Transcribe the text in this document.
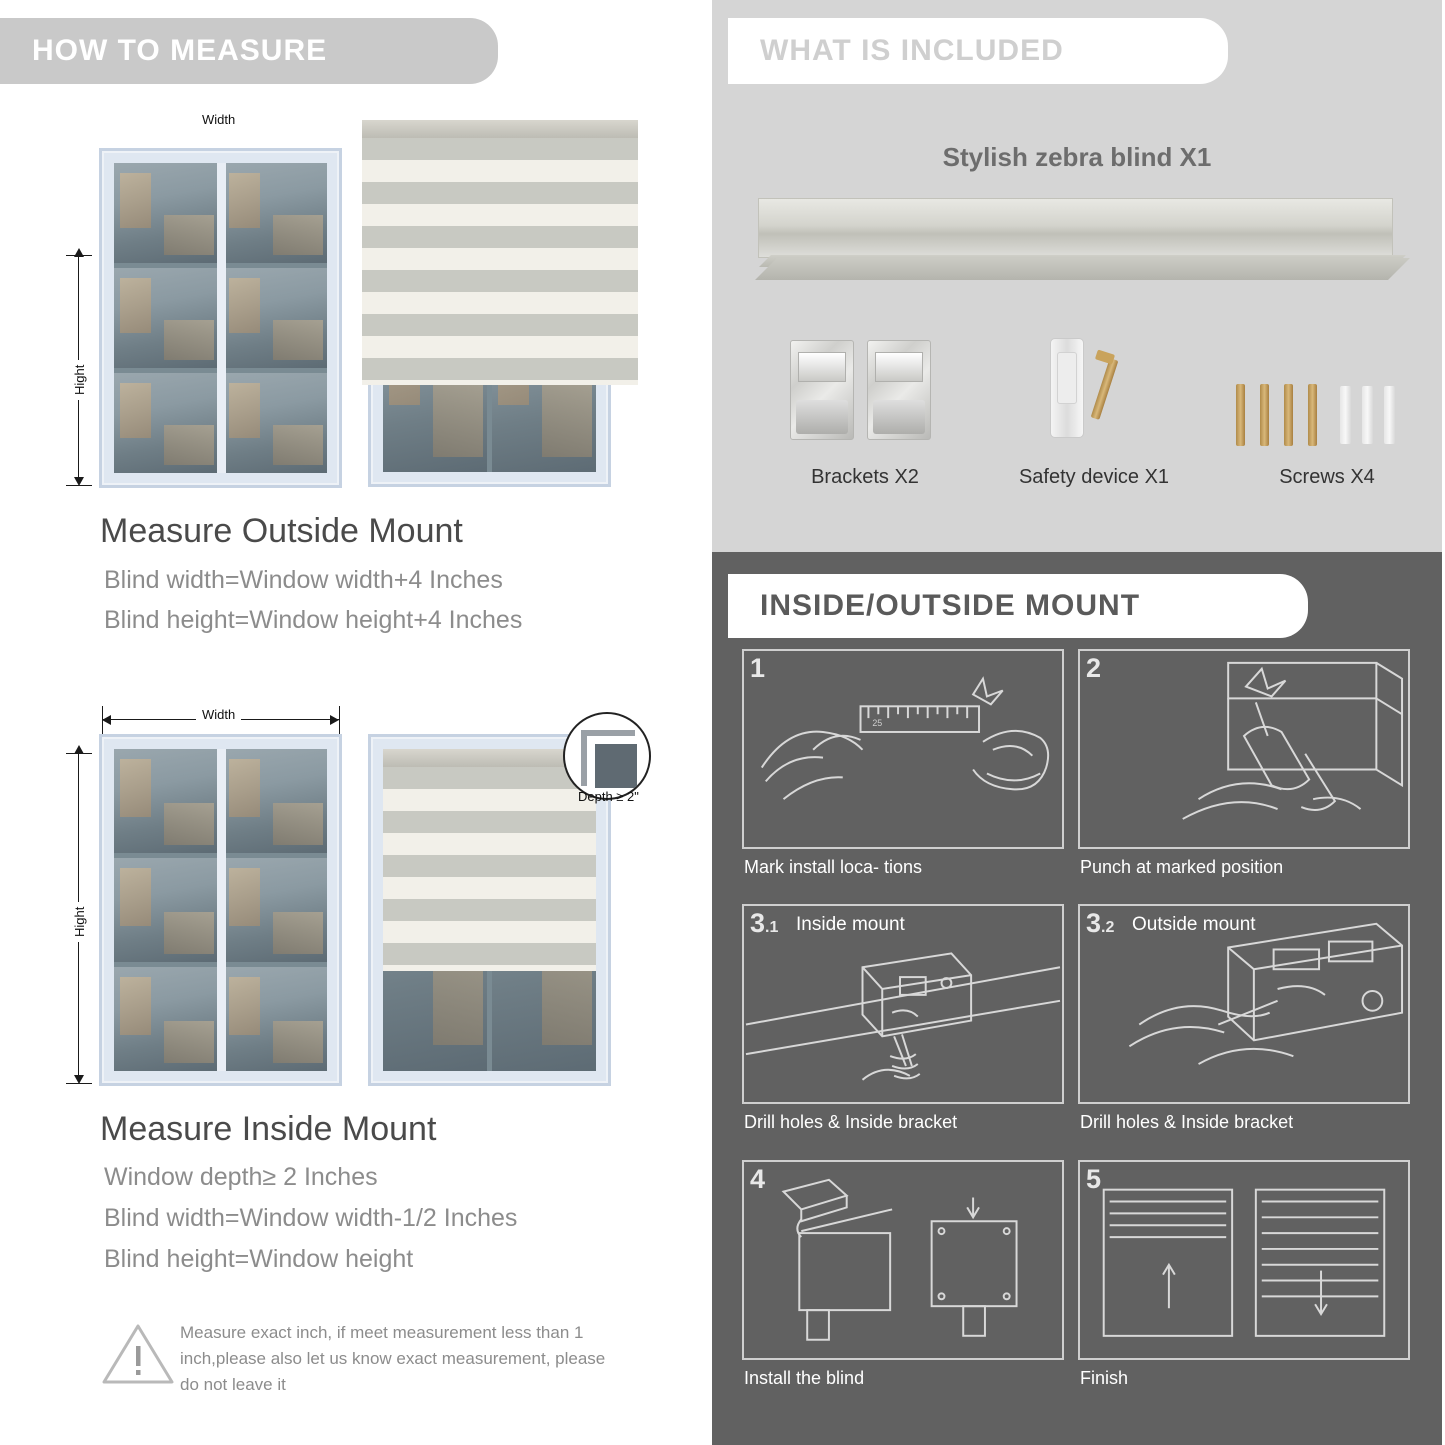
HOW TO MEASURE
Width
Hight
Measure Outside Mount
Blind width=Window width+4 Inches
Blind height=Window height+4 Inches
Width
Hight
Depth ≥ 2"
Measure Inside Mount
Window depth≥ 2 Inches
Blind width=Window width-1/2 Inches
Blind height=Window height
Measure exact inch, if meet measurement less than 1 inch,please also let us know exact measurement, please do not leave it
WHAT IS INCLUDED
Stylish zebra blind X1
Brackets X2	Safety device X1	Screws X4
INSIDE/OUTSIDE MOUNT
1
25
Mark install loca- tions
2
Punch at marked position
3.1 Inside mount
Drill holes & Inside bracket
3.2 Outside mount
Drill holes & Inside bracket
4
Install the blind
5
Finish
